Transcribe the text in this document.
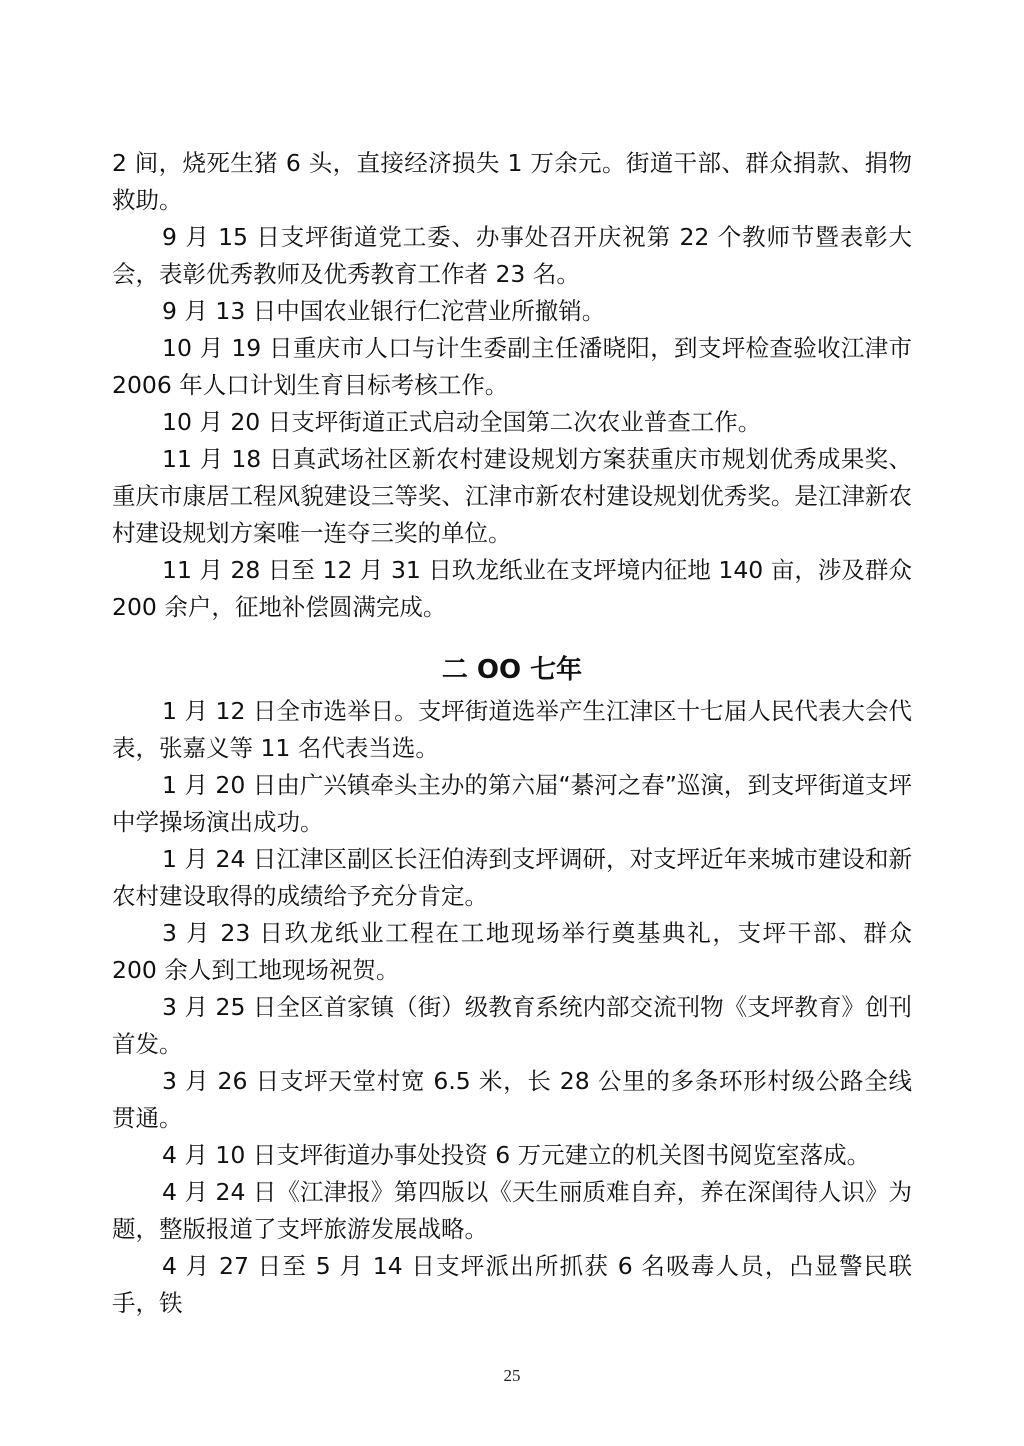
2 间，烧死生猪 6 头，直接经济损失 1 万余元。街道干部、群众捐款、捐物救助。

9 月 15 日支坪街道党工委、办事处召开庆祝第 22 个教师节暨表彰大会，表彰优秀教师及优秀教育工作者 23 名。

9 月 13 日中国农业银行仁沱营业所撤销。

10 月 19 日重庆市人口与计生委副主任潘晓阳，到支坪检查验收江津市 2006 年人口计划生育目标考核工作。

10 月 20 日支坪街道正式启动全国第二次农业普查工作。

11 月 18 日真武场社区新农村建设规划方案获重庆市规划优秀成果奖、重庆市康居工程风貌建设三等奖、江津市新农村建设规划优秀奖。是江津新农村建设规划方案唯一连夺三奖的单位。

11 月 28 日至 12 月 31 日玖龙纸业在支坪境内征地 140 亩，涉及群众 200 余户，征地补偿圆满完成。

二 OO 七年

1 月 12 日全市选举日。支坪街道选举产生江津区十七届人民代表大会代表，张嘉义等 11 名代表当选。

1 月 20 日由广兴镇牵头主办的第六届“綦河之春”巡演，到支坪街道支坪中学操场演出成功。

1 月 24 日江津区副区长汪伯涛到支坪调研，对支坪近年来城市建设和新农村建设取得的成绩给予充分肯定。

3 月 23 日玖龙纸业工程在工地现场举行奠基典礼，支坪干部、群众 200 余人到工地现场祝贺。

3 月 25 日全区首家镇（街）级教育系统内部交流刊物《支坪教育》创刊首发。

3 月 26 日支坪天堂村宽 6.5 米，长 28 公里的多条环形村级公路全线贯通。

4 月 10 日支坪街道办事处投资 6 万元建立的机关图书阅览室落成。

4 月 24 日《江津报》第四版以《天生丽质难自弃，养在深闺待人识》为题，整版报道了支坪旅游发展战略。

4 月 27 日至 5 月 14 日支坪派出所抓获 6 名吸毒人员，凸显警民联手，铁

25
